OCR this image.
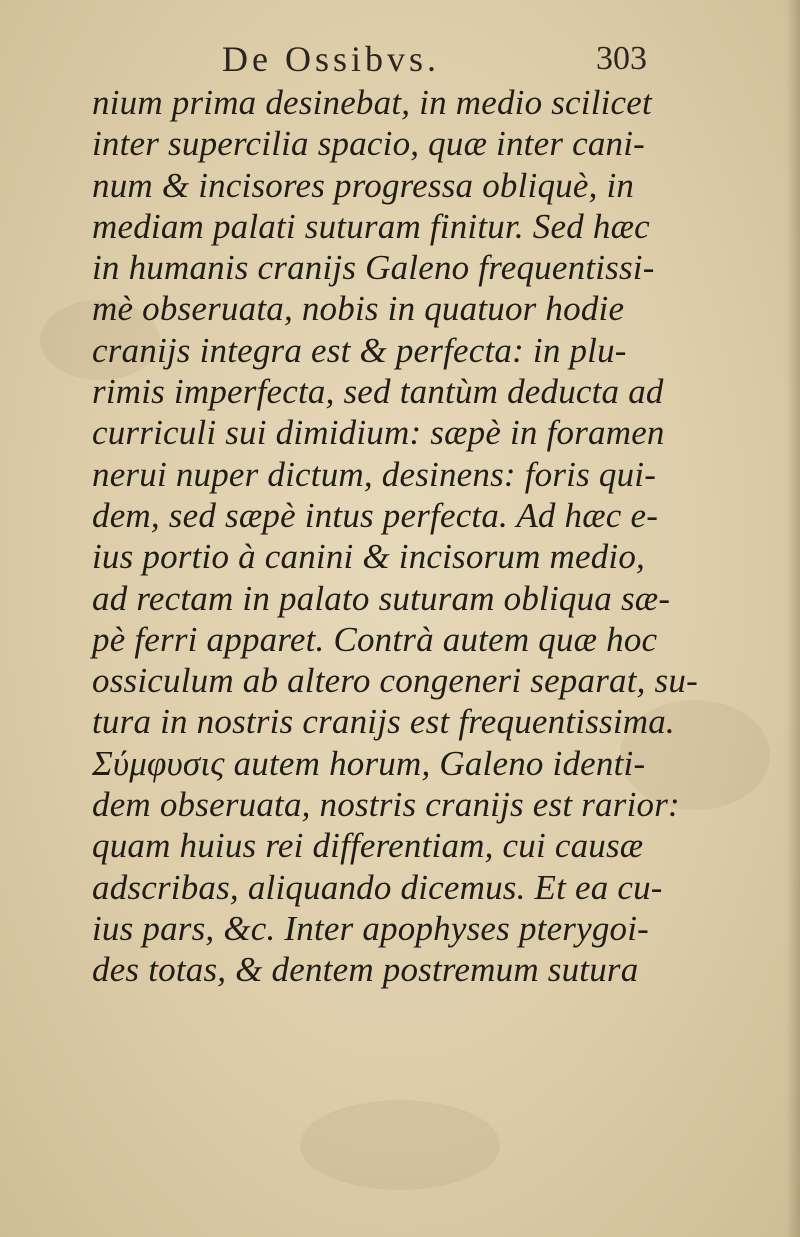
De Ossibvs.	303
nium prima desinebat, in medio scilicet
inter supercilia spacio, quæ inter cani-
num & incisores progressa obliquè, in
mediam palati suturam finitur. Sed hæc
in humanis cranijs Galeno frequentissi-
mè obseruata, nobis in quatuor hodie
cranijs integra est & perfecta: in plu-
rimis imperfecta, sed tantùm deducta ad
curriculi sui dimidium: sæpè in foramen
nerui nuper dictum, desinens: foris qui-
dem, sed sæpè intus perfecta. Ad hæc e-
ius portio à canini & incisorum medio,
ad rectam in palato suturam obliqua sæ-
pè ferri apparet. Contrà autem quæ hoc
ossiculum ab altero congeneri separat, su-
tura in nostris cranijs est frequentissima.
Σύμφυσις autem horum, Galeno identi-
dem obseruata, nostris cranijs est rarior:
quam huius rei differentiam, cui causæ
adscribas, aliquando dicemus. Et ea cu-
ius pars, &c. Inter apophyses pterygoi-
des totas, & dentem postremum sutura
